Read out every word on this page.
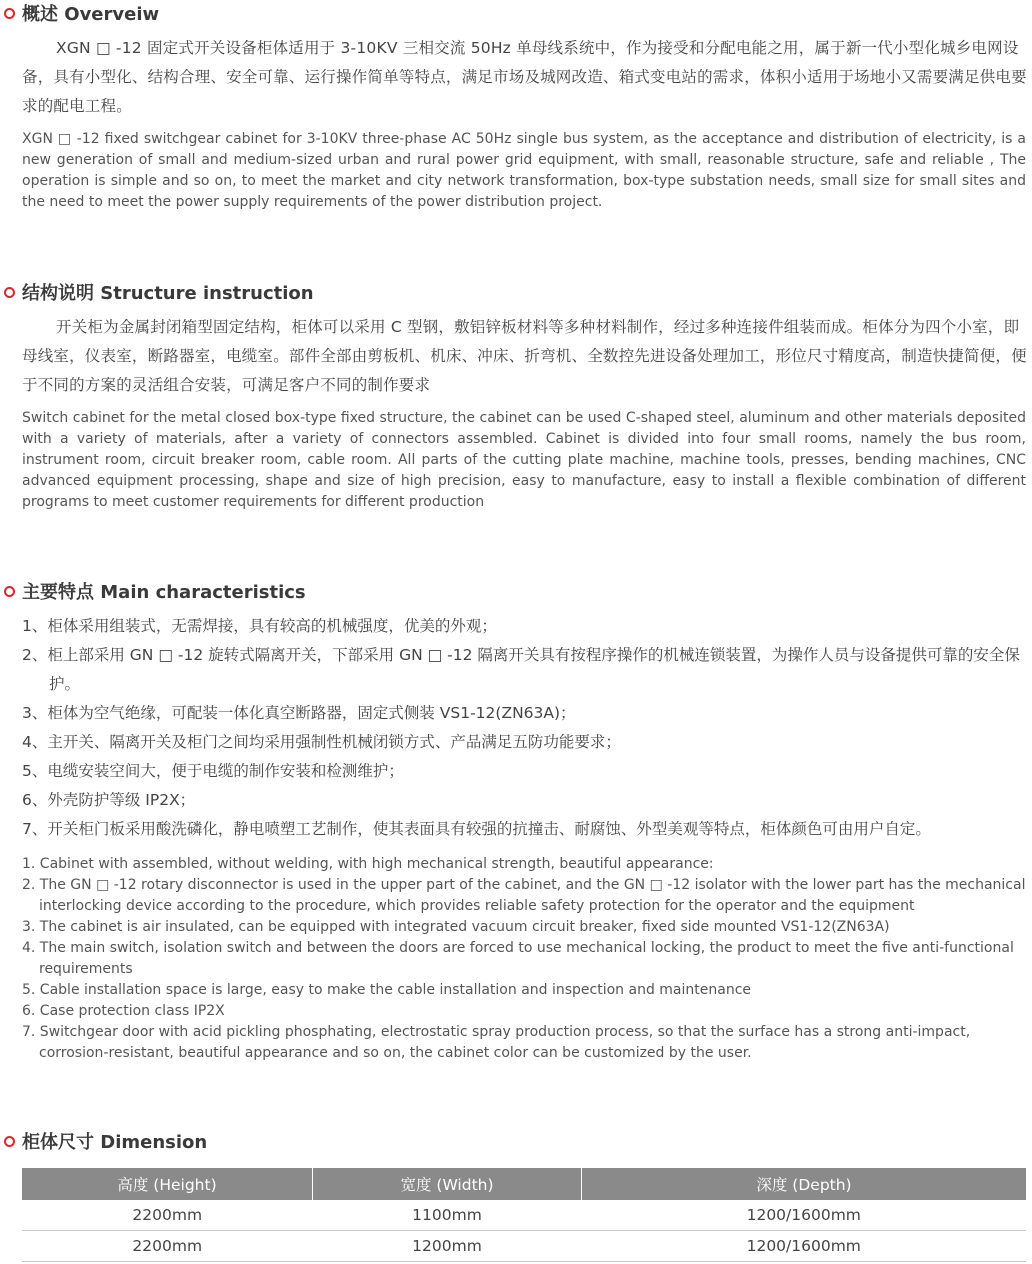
概述 Overveiw
XGN □ -12 固定式开关设备柜体适用于 3-10KV 三相交流 50Hz 单母线系统中，作为接受和分配电能之用，属于新一代小型化城乡电网设备，具有小型化、结构合理、安全可靠、运行操作简单等特点，满足市场及城网改造、箱式变电站的需求，体积小适用于场地小又需要满足供电要求的配电工程。
XGN □ -12 fixed switchgear cabinet for 3-10KV three-phase AC 50Hz single bus system, as the acceptance and distribution of electricity, is a new generation of small and medium-sized urban and rural power grid equipment, with small, reasonable structure, safe and reliable , The operation is simple and so on, to meet the market and city network transformation, box-type substation needs, small size for small sites and the need to meet the power supply requirements of the power distribution project.
结构说明 Structure instruction
开关柜为金属封闭箱型固定结构，柜体可以采用 C 型钢，敷铝锌板材料等多种材料制作，经过多种连接件组装而成。柜体分为四个小室，即母线室，仪表室，断路器室，电缆室。部件全部由剪板机、机床、冲床、折弯机、全数控先进设备处理加工，形位尺寸精度高，制造快捷简便，便于不同的方案的灵活组合安装，可满足客户不同的制作要求
Switch cabinet for the metal closed box-type fixed structure, the cabinet can be used C-shaped steel, aluminum and other materials deposited with a variety of materials, after a variety of connectors assembled. Cabinet is divided into four small rooms, namely the bus room, instrument room, circuit breaker room, cable room. All parts of the cutting plate machine, machine tools, presses, bending machines, CNC advanced equipment processing, shape and size of high precision, easy to manufacture, easy to install a flexible combination of different programs to meet customer requirements for different production
主要特点 Main characteristics
1、柜体采用组装式，无需焊接，具有较高的机械强度，优美的外观；
2、柜上部采用 GN □ -12 旋转式隔离开关，下部采用 GN □ -12 隔离开关具有按程序操作的机械连锁装置，为操作人员与设备提供可靠的安全保护。
3、柜体为空气绝缘，可配装一体化真空断路器，固定式侧装 VS1-12(ZN63A)；
4、主开关、隔离开关及柜门之间均采用强制性机械闭锁方式、产品满足五防功能要求；
5、电缆安装空间大，便于电缆的制作安装和检测维护；
6、外壳防护等级 IP2X；
7、开关柜门板采用酸洗磷化，静电喷塑工艺制作，使其表面具有较强的抗撞击、耐腐蚀、外型美观等特点，柜体颜色可由用户自定。
1. Cabinet with assembled, without welding, with high mechanical strength, beautiful appearance:
2. The GN □ -12 rotary disconnector is used in the upper part of the cabinet, and the GN □ -12 isolator with the lower part has the mechanical interlocking device according to the procedure, which provides reliable safety protection for the operator and the equipment
3. The cabinet is air insulated, can be equipped with integrated vacuum circuit breaker, fixed side mounted VS1-12(ZN63A)
4. The main switch, isolation switch and between the doors are forced to use mechanical locking, the product to meet the five anti-functional requirements
5. Cable installation space is large, easy to make the cable installation and inspection and maintenance
6. Case protection class IP2X
7. Switchgear door with acid pickling phosphating, electrostatic spray production process, so that the surface has a strong anti-impact, corrosion-resistant, beautiful appearance and so on, the cabinet color can be customized by the user.
柜体尺寸 Dimension
高度 (Height)	宽度 (Width)	深度 (Depth)
2200mm	1100mm	1200/1600mm
2200mm	1200mm	1200/1600mm
